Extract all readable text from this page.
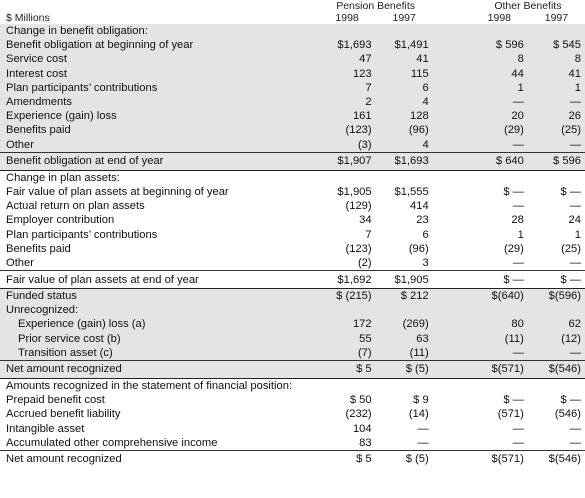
	Pension Benefits			Other Benefits	
$ Millions	1998	1997		1998	1997
Change in benefit obligation:					
Benefit obligation at beginning of year	$1,693	$1,491		$ 596	$ 545
Service cost	47	41		8	8
Interest cost	123	115		44	41
Plan participants’ contributions	7	6		1	1
Amendments	2	4		—	—
Experience (gain) loss	161	128		20	26
Benefits paid	(123)	(96)		(29)	(25)
Other	(3)	4		—	—
Benefit obligation at end of year	$1,907	$1,693		$ 640	$ 596
Change in plan assets:					
Fair value of plan assets at beginning of year	$1,905	$1,555		$ —	$ —
Actual return on plan assets	(129)	414		—	—
Employer contribution	34	23		28	24
Plan participants’ contributions	7	6		1	1
Benefits paid	(123)	(96)		(29)	(25)
Other	(2)	3		—	—
Fair value of plan assets at end of year	$1,692	$1,905		$ —	$ —
Funded status	$ (215)	$ 212		$(640)	$(596)
Unrecognized:					
Experience (gain) loss (a)	172	(269)		80	62
Prior service cost (b)	55	63		(11)	(12)
Transition asset (c)	(7)	(11)		—	—
Net amount recognized	$ 5	$ (5)		$(571)	$(546)
Amounts recognized in the statement of financial position:					
Prepaid benefit cost	$ 50	$ 9		$ —	$ —
Accrued benefit liability	(232)	(14)		(571)	(546)
Intangible asset	104	—		—	—
Accumulated other comprehensive income	83	—		—	—
Net amount recognized	$ 5	$ (5)		$(571)	$(546)
